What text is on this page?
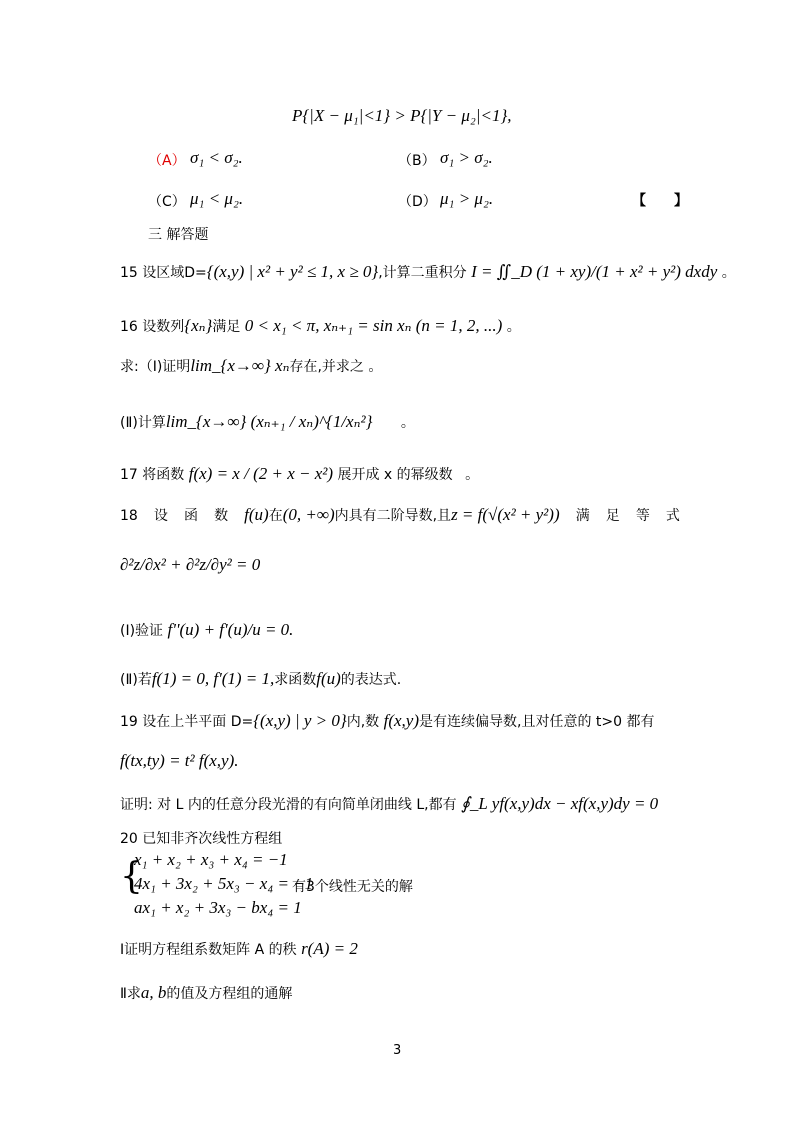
P{|X − μ₁|<1} > P{|Y − μ₂|<1},
（A） σ₁ < σ₂.	（B） σ₁ > σ₂.
（C） μ₁ < μ₂.	（D） μ₁ > μ₂.	【　　】
三 解答题
15 设区域D={(x,y) | x² + y² ≤ 1, x ≥ 0},计算二重积分 I = ∬_D (1 + xy)/(1 + x² + y²) dxdy 。
16 设数列{xₙ}满足 0 < x₁ < π, xₙ₊₁ = sin xₙ (n = 1, 2, ...) 。
求:（Ⅰ)证明lim_{x→∞} xₙ存在,并求之 。
(Ⅱ)计算lim_{x→∞} (xₙ₊₁ / xₙ)^{1/xₙ²} 。
17 将函数 f(x) = x / (2 + x − x²) 展开成 x 的幂级数 。
18 设 函 数 f(u)在(0, +∞)内具有二阶导数,且z = f(√(x² + y²)) 满 足 等 式
∂²z/∂x² + ∂²z/∂y² = 0
(Ⅰ)验证 f''(u) + f'(u)/u = 0.
(Ⅱ)若f(1) = 0, f'(1) = 1,求函数f(u)的表达式.
19 设在上半平面 D={(x,y) | y > 0}内,数 f(x,y)是有连续偏导数,且对任意的 t>0 都有
f(tx,ty) = t² f(x,y).
证明: 对 L 内的任意分段光滑的有向简单闭曲线 L,都有 ∮_L yf(x,y)dx − xf(x,y)dy = 0
20 已知非齐次线性方程组
{
x₁ + x₂ + x₃ + x₄ = −1
4x₁ + 3x₂ + 5x₃ − x₄ = −1
ax₁ + x₂ + 3x₃ − bx₄ = 1
有3个线性无关的解
Ⅰ证明方程组系数矩阵 A 的秩 r(A) = 2
Ⅱ求a, b的值及方程组的通解
3
